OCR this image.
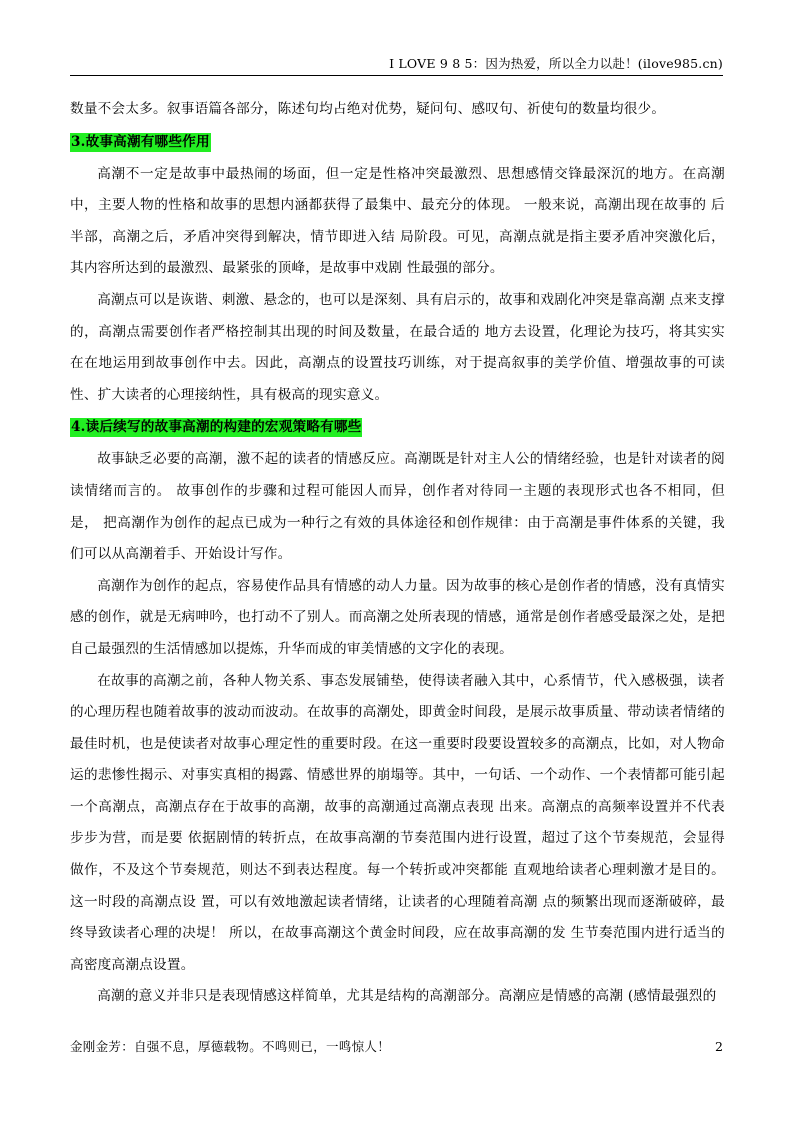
I LOVE 9 8 5：因为热爱，所以全力以赴！(ilove985.cn)

数量不会太多。叙事语篇各部分，陈述句均占绝对优势，疑问句、感叹句、祈使句的数量均很少。

3.故事高潮有哪些作用

高潮不一定是故事中最热闹的场面，但一定是性格冲突最激烈、思想感情交锋最深沉的地方。在高潮中，主要人物的性格和故事的思想内涵都获得了最集中、最充分的体现。 一般来说，高潮出现在故事的 后半部，高潮之后，矛盾冲突得到解决，情节即进入结 局阶段。可见，高潮点就是指主要矛盾冲突激化后，其内容所达到的最激烈、最紧张的顶峰，是故事中戏剧 性最强的部分。

高潮点可以是诙谐、刺激、悬念的，也可以是深刻、具有启示的，故事和戏剧化冲突是靠高潮 点来支撑的，高潮点需要创作者严格控制其出现的时间及数量，在最合适的 地方去设置，化理论为技巧，将其实实在在地运用到故事创作中去。因此，高潮点的设置技巧训练，对于提高叙事的美学价值、增强故事的可读性、扩大读者的心理接纳性，具有极高的现实意义。

4.读后续写的故事高潮的构建的宏观策略有哪些

故事缺乏必要的高潮，激不起的读者的情感反应。高潮既是针对主人公的情绪经验，也是针对读者的阅读情绪而言的。 故事创作的步骤和过程可能因人而异，创作者对待同一主题的表现形式也各不相同，但是， 把高潮作为创作的起点已成为一种行之有效的具体途径和创作规律：由于高潮是事件体系的关键，我们可以从高潮着手、开始设计写作。

高潮作为创作的起点，容易使作品具有情感的动人力量。因为故事的核心是创作者的情感，没有真情实感的创作，就是无病呻吟，也打动不了别人。而高潮之处所表现的情感，通常是创作者感受最深之处，是把自己最强烈的生活情感加以提炼，升华而成的审美情感的文字化的表现。

在故事的高潮之前，各种人物关系、事态发展铺垫，使得读者融入其中，心系情节，代入感极强，读者的心理历程也随着故事的波动而波动。在故事的高潮处，即黄金时间段，是展示故事质量、带动读者情绪的最佳时机，也是使读者对故事心理定性的重要时段。在这一重要时段要设置较多的高潮点，比如，对人物命运的悲惨性揭示、对事实真相的揭露、情感世界的崩塌等。其中，一句话、一个动作、一个表情都可能引起一个高潮点，高潮点存在于故事的高潮，故事的高潮通过高潮点表现 出来。高潮点的高频率设置并不代表步步为营，而是要 依据剧情的转折点，在故事高潮的节奏范围内进行设置，超过了这个节奏规范，会显得做作，不及这个节奏规范，则达不到表达程度。每一个转折或冲突都能 直观地给读者心理刺激才是目的。这一时段的高潮点设 置，可以有效地激起读者情绪，让读者的心理随着高潮 点的频繁出现而逐渐破碎，最终导致读者心理的决堤！ 所以，在故事高潮这个黄金时间段，应在故事高潮的发 生节奏范围内进行适当的高密度高潮点设置。

高潮的意义并非只是表现情感这样简单，尤其是结构的高潮部分。高潮应是情感的高潮 (感情最强烈的

金刚金芳：自强不息，厚德载物。不鸣则已，一鸣惊人！	2
